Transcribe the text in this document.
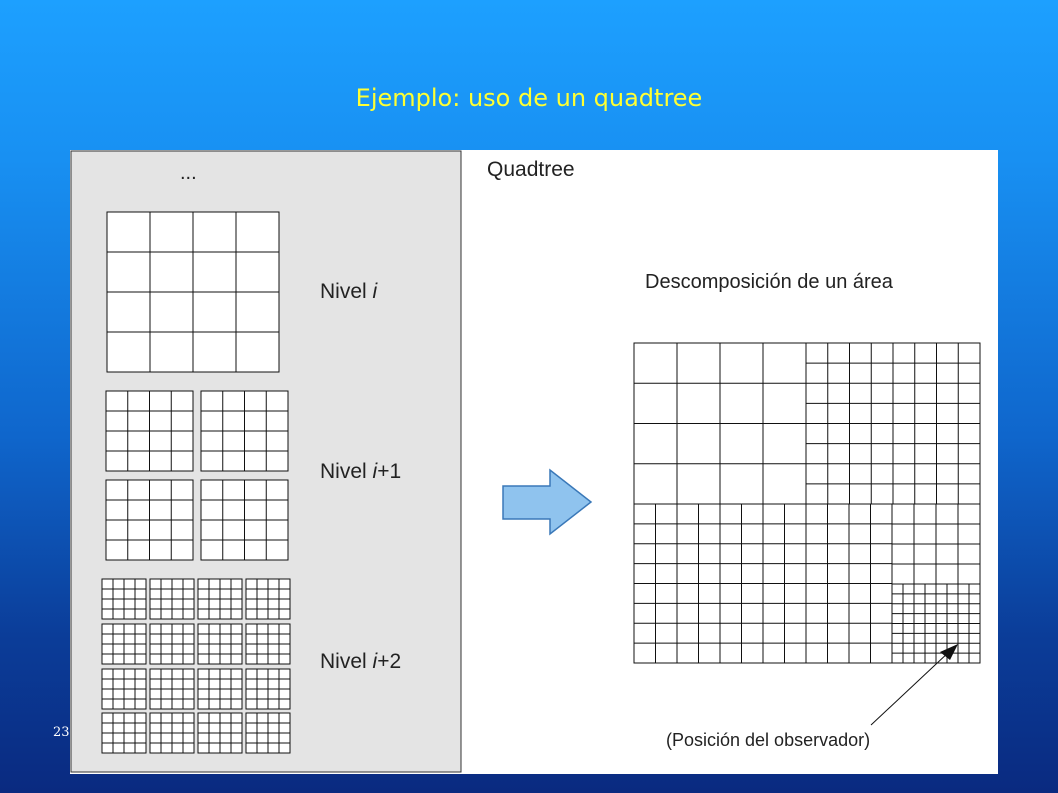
Ejemplo: uso de un quadtree
...
Nivel i
Nivel i+1
Nivel i+2
Quadtree
Descomposición de un área
(Posición del observador)
23
